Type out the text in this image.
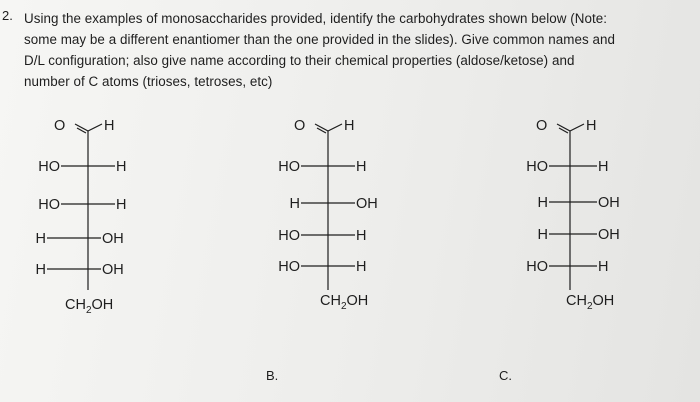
2. Using the examples of monosaccharides provided, identify the carbohydrates shown below (Note:
some may be a different enantiomer than the one provided in the slides). Give common names and
D/L configuration; also give name according to their chemical properties (aldose/ketose) and
number of C atoms (trioses, tetroses, etc)
O	H
HO	H
HO	H
H	OH
H	OH
$CH_2OH$
O	H
HO	H
H	OH
HO	H
HO	H
$CH_2OH$
O	H
HO	H
H	OH
H	OH
HO	H
$CH_2OH$
B.	C.
